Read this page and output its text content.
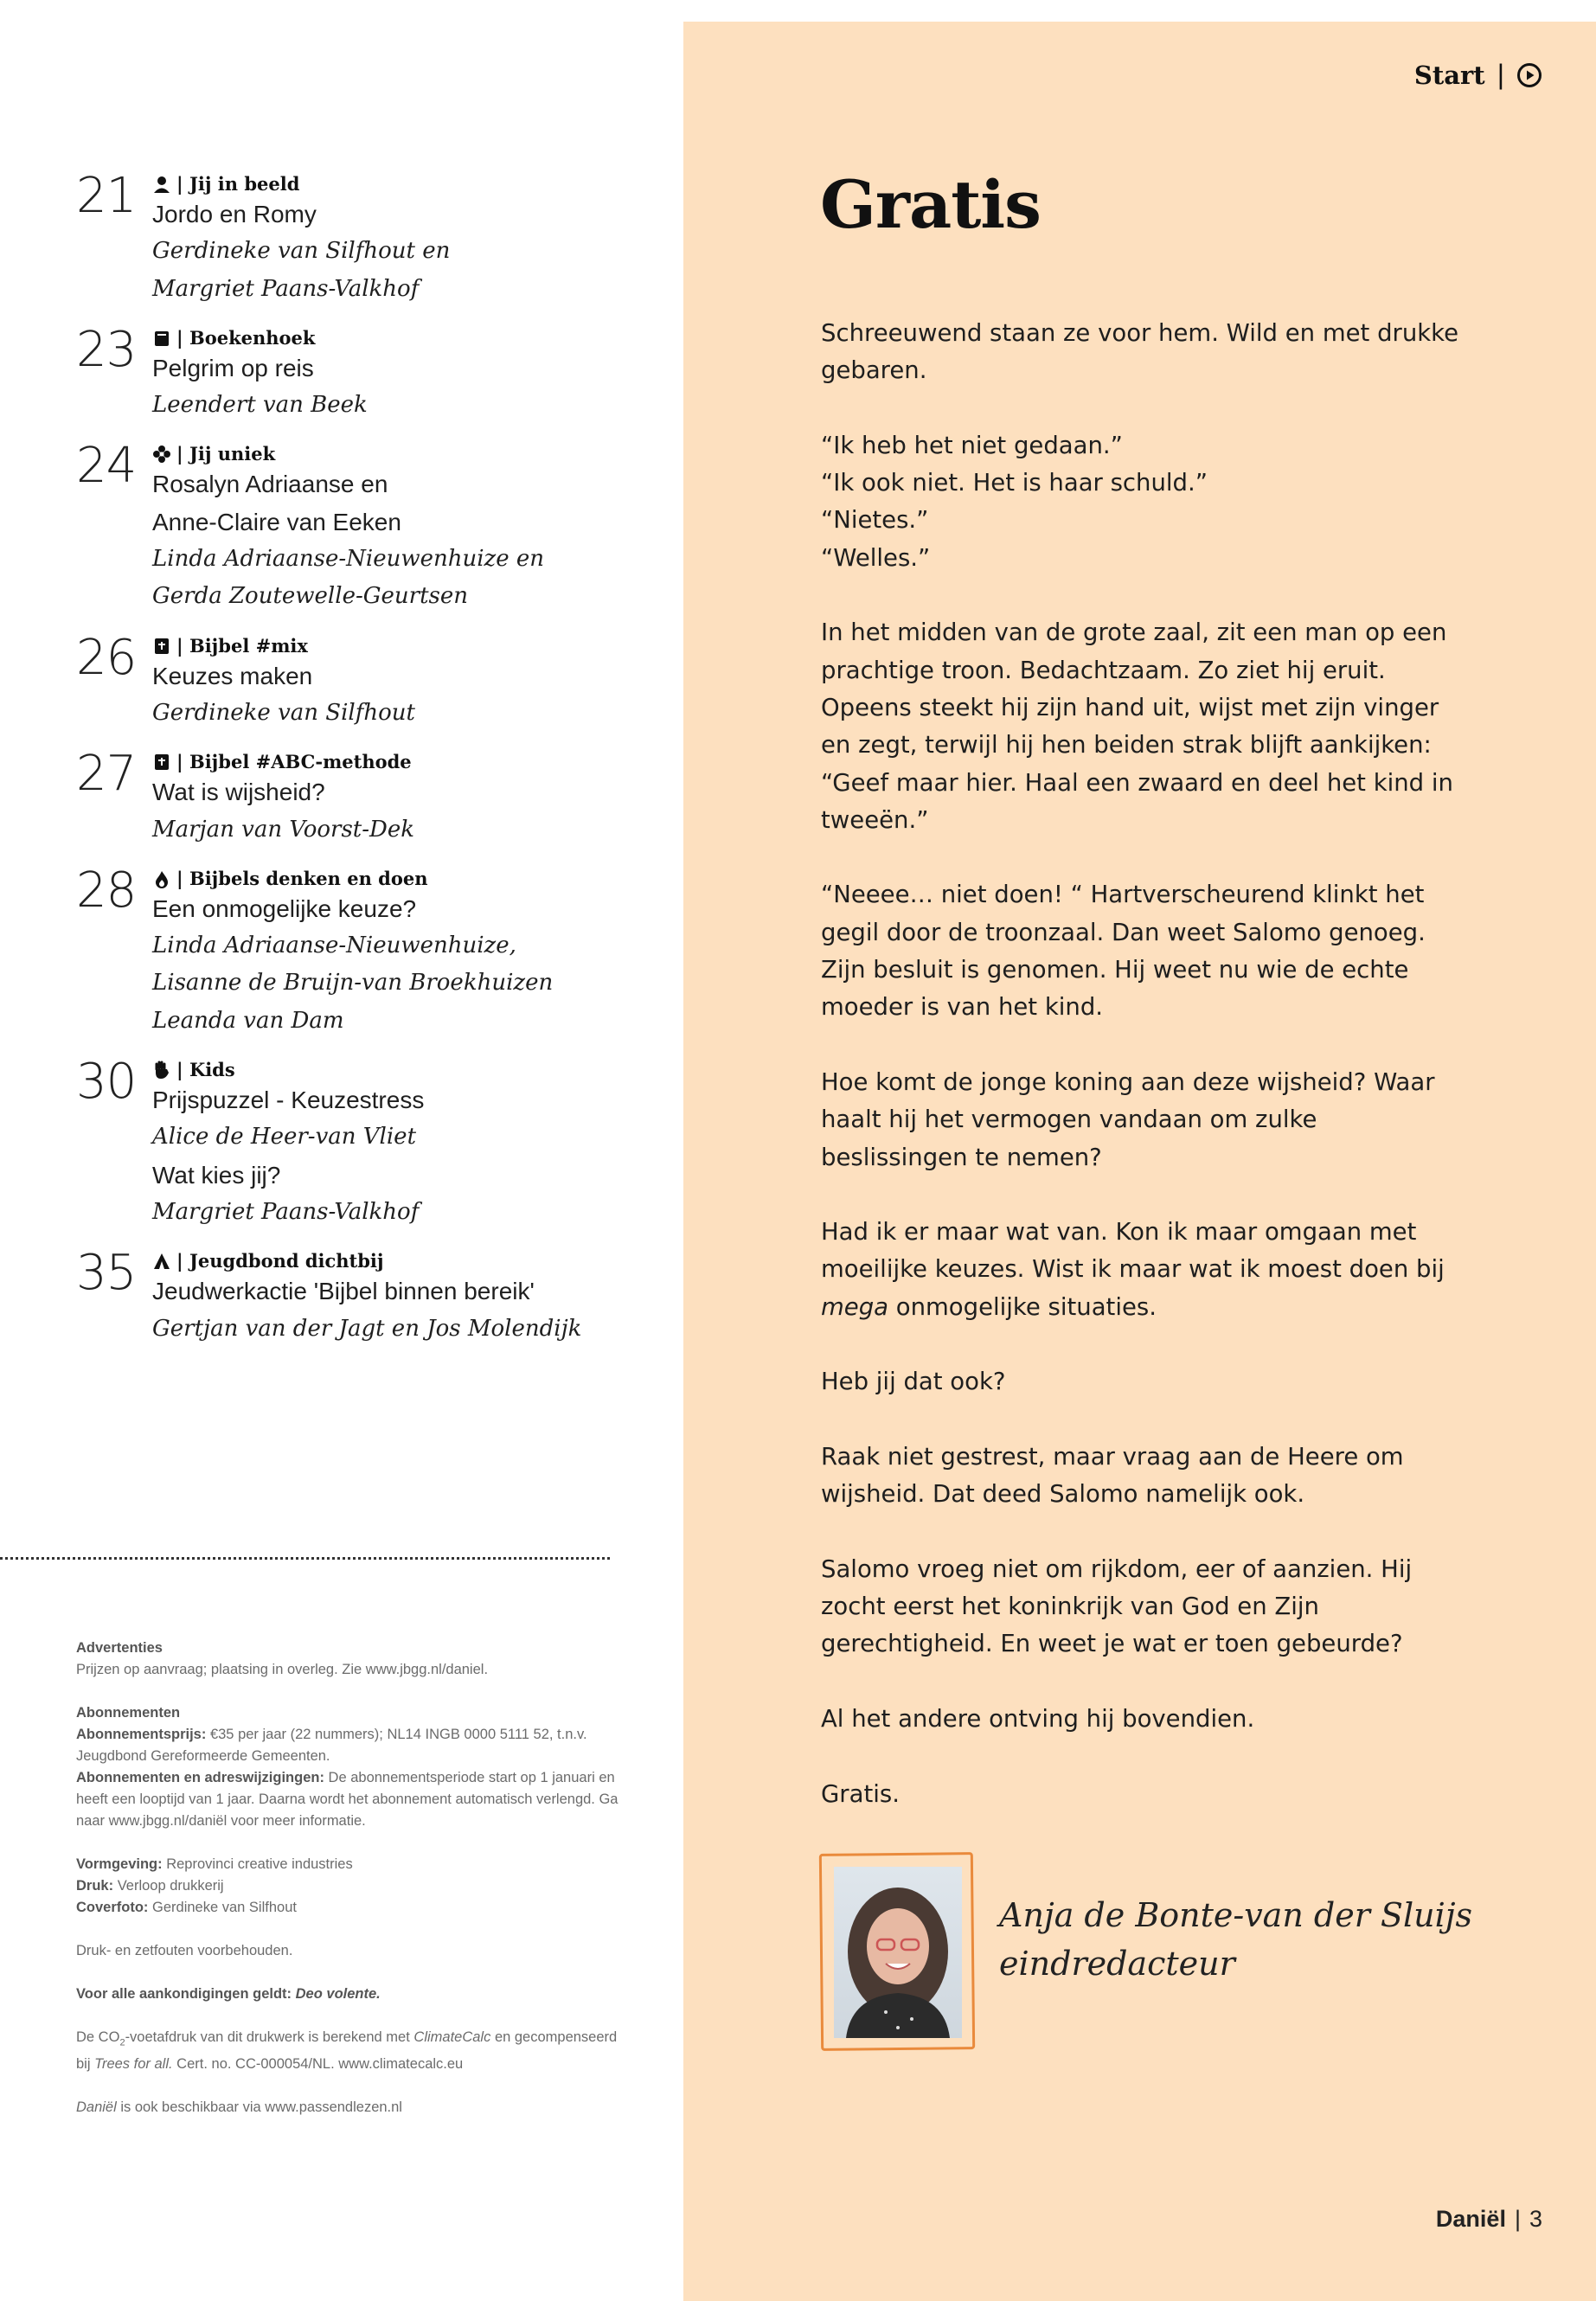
21	| Jij in beeld
Jordo en Romy
Gerdineke van Silfhout en
Margriet Paans-Valkhof
23	| Boekenhoek
Pelgrim op reis
Leendert van Beek
24	| Jij uniek
Rosalyn Adriaanse en
Anne-Claire van Eeken
Linda Adriaanse-Nieuwenhuize en
Gerda Zoutewelle-Geurtsen
26	| Bijbel #mix
Keuzes maken
Gerdineke van Silfhout
27	| Bijbel #ABC-methode
Wat is wijsheid?
Marjan van Voorst-Dek
28	| Bijbels denken en doen
Een onmogelijke keuze?
Linda Adriaanse-Nieuwenhuize,
Lisanne de Bruijn-van Broekhuizen
Leanda van Dam
30	| Kids
Prijspuzzel - Keuzestress
Alice de Heer-van Vliet
Wat kies jij?
Margriet Paans-Valkhof
35	| Jeugdbond dichtbij
Jeudwerkactie 'Bijbel binnen bereik'
Gertjan van der Jagt en Jos Molendijk
Advertenties
Prijzen op aanvraag; plaatsing in overleg. Zie www.jbgg.nl/daniel.
Abonnementen
Abonnementsprijs: €35 per jaar (22 nummers); NL14 INGB 0000 5111 52, t.n.v. Jeugdbond Gereformeerde Gemeenten.
Abonnementen en adreswijzigingen: De abonnementsperiode start op 1 januari en heeft een looptijd van 1 jaar. Daarna wordt het abonnement automatisch verlengd. Ga naar www.jbgg.nl/daniël voor meer informatie.
Vormgeving: Reprovinci creative industries
Druk: Verloop drukkerij
Coverfoto: Gerdineke van Silfhout
Druk- en zetfouten voorbehouden.
Voor alle aankondigingen geldt: Deo volente.
De $CO_2$-voetafdruk van dit drukwerk is berekend met ClimateCalc en gecompenseerd bij Trees for all. Cert. no. CC-000054/NL. www.climatecalc.eu
Daniël is ook beschikbaar via www.passendlezen.nl
Start |
Gratis

Schreeuwend staan ze voor hem. Wild en met drukke gebaren.

“Ik heb het niet gedaan.”
“Ik ook niet. Het is haar schuld.”
“Nietes.”
“Welles.”

In het midden van de grote zaal, zit een man op een prachtige troon. Bedachtzaam. Zo ziet hij eruit. Opeens steekt hij zijn hand uit, wijst met zijn vinger en zegt, terwijl hij hen beiden strak blijft aankijken: “Geef maar hier. Haal een zwaard en deel het kind in tweeën.”

“Neeee… niet doen! “ Hartverscheurend klinkt het gegil door de troonzaal. Dan weet Salomo genoeg. Zijn besluit is genomen. Hij weet nu wie de echte moeder is van het kind.

Hoe komt de jonge koning aan deze wijsheid? Waar haalt hij het vermogen vandaan om zulke beslissingen te nemen?

Had ik er maar wat van. Kon ik maar omgaan met moeilijke keuzes. Wist ik maar wat ik moest doen bij mega onmogelijke situaties.

Heb jij dat ook?

Raak niet gestrest, maar vraag aan de Heere om wijsheid. Dat deed Salomo namelijk ook.

Salomo vroeg niet om rijkdom, eer of aanzien. Hij zocht eerst het koninkrijk van God en Zijn gerechtigheid. En weet je wat er toen gebeurde?

Al het andere ontving hij bovendien.

Gratis.

Anja de Bonte-van der Sluijs
eindredacteur
Daniël | 3
